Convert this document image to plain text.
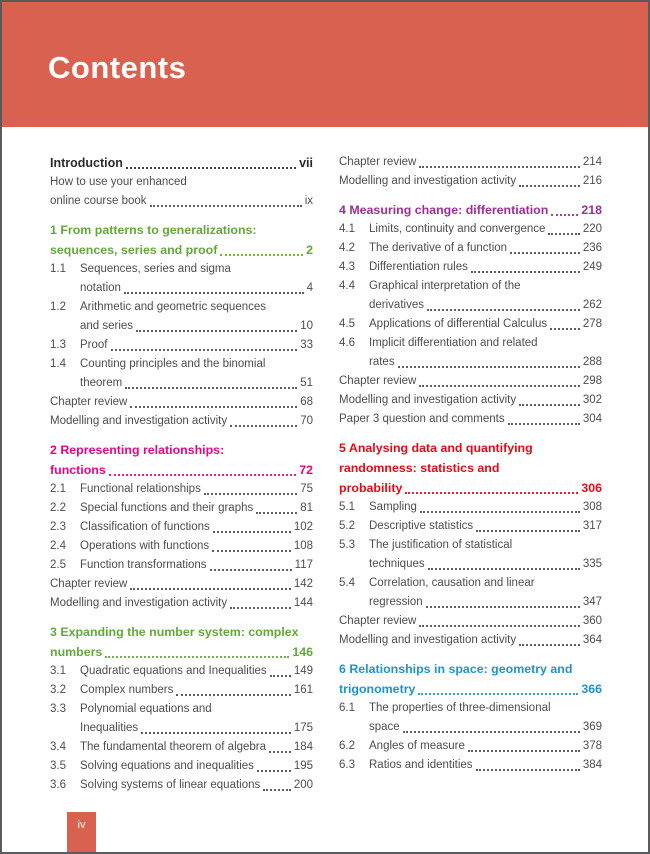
Contents
Introduction	vii
How to use your enhanced
online course book	ix
1 From patterns to generalizations:
sequences, series and proof	2
1.1	Sequences, series and sigma
notation	4
1.2	Arithmetic and geometric sequences
and series	10
1.3	Proof	33
1.4	Counting principles and the binomial
theorem	51
Chapter review	68
Modelling and investigation activity	70
2 Representing relationships:
functions	72
2.1	Functional relationships	75
2.2	Special functions and their graphs	81
2.3	Classification of functions	102
2.4	Operations with functions	108
2.5	Function transformations	117
Chapter review	142
Modelling and investigation activity	144
3 Expanding the number system: complex
numbers	146
3.1	Quadratic equations and Inequalities 149
3.2	Complex numbers	161
3.3	Polynomial equations and
Inequalities	175
3.4	The fundamental theorem of algebra 184
3.5	Solving equations and inequalities	195
3.6	Solving systems of linear equations	200
Chapter review	214
Modelling and investigation activity	216
4 Measuring change: differentiation	218
4.1	Limits, continuity and convergence	220
4.2	The derivative of a function	236
4.3	Differentiation rules	249
4.4	Graphical interpretation of the
derivatives	262
4.5	Applications of differential Calculus	278
4.6	Implicit differentiation and related
rates	288
Chapter review	298
Modelling and investigation activity	302
Paper 3 question and comments	304
5 Analysing data and quantifying
randomness: statistics and
probability	306
5.1	Sampling	308
5.2	Descriptive statistics	317
5.3	The justification of statistical
techniques	335
5.4	Correlation, causation and linear
regression	347
Chapter review	360
Modelling and investigation activity	364
6 Relationships in space: geometry and
trigonometry	366
6.1	The properties of three-dimensional
space	369
6.2	Angles of measure	378
6.3	Ratios and identities	384
iv
